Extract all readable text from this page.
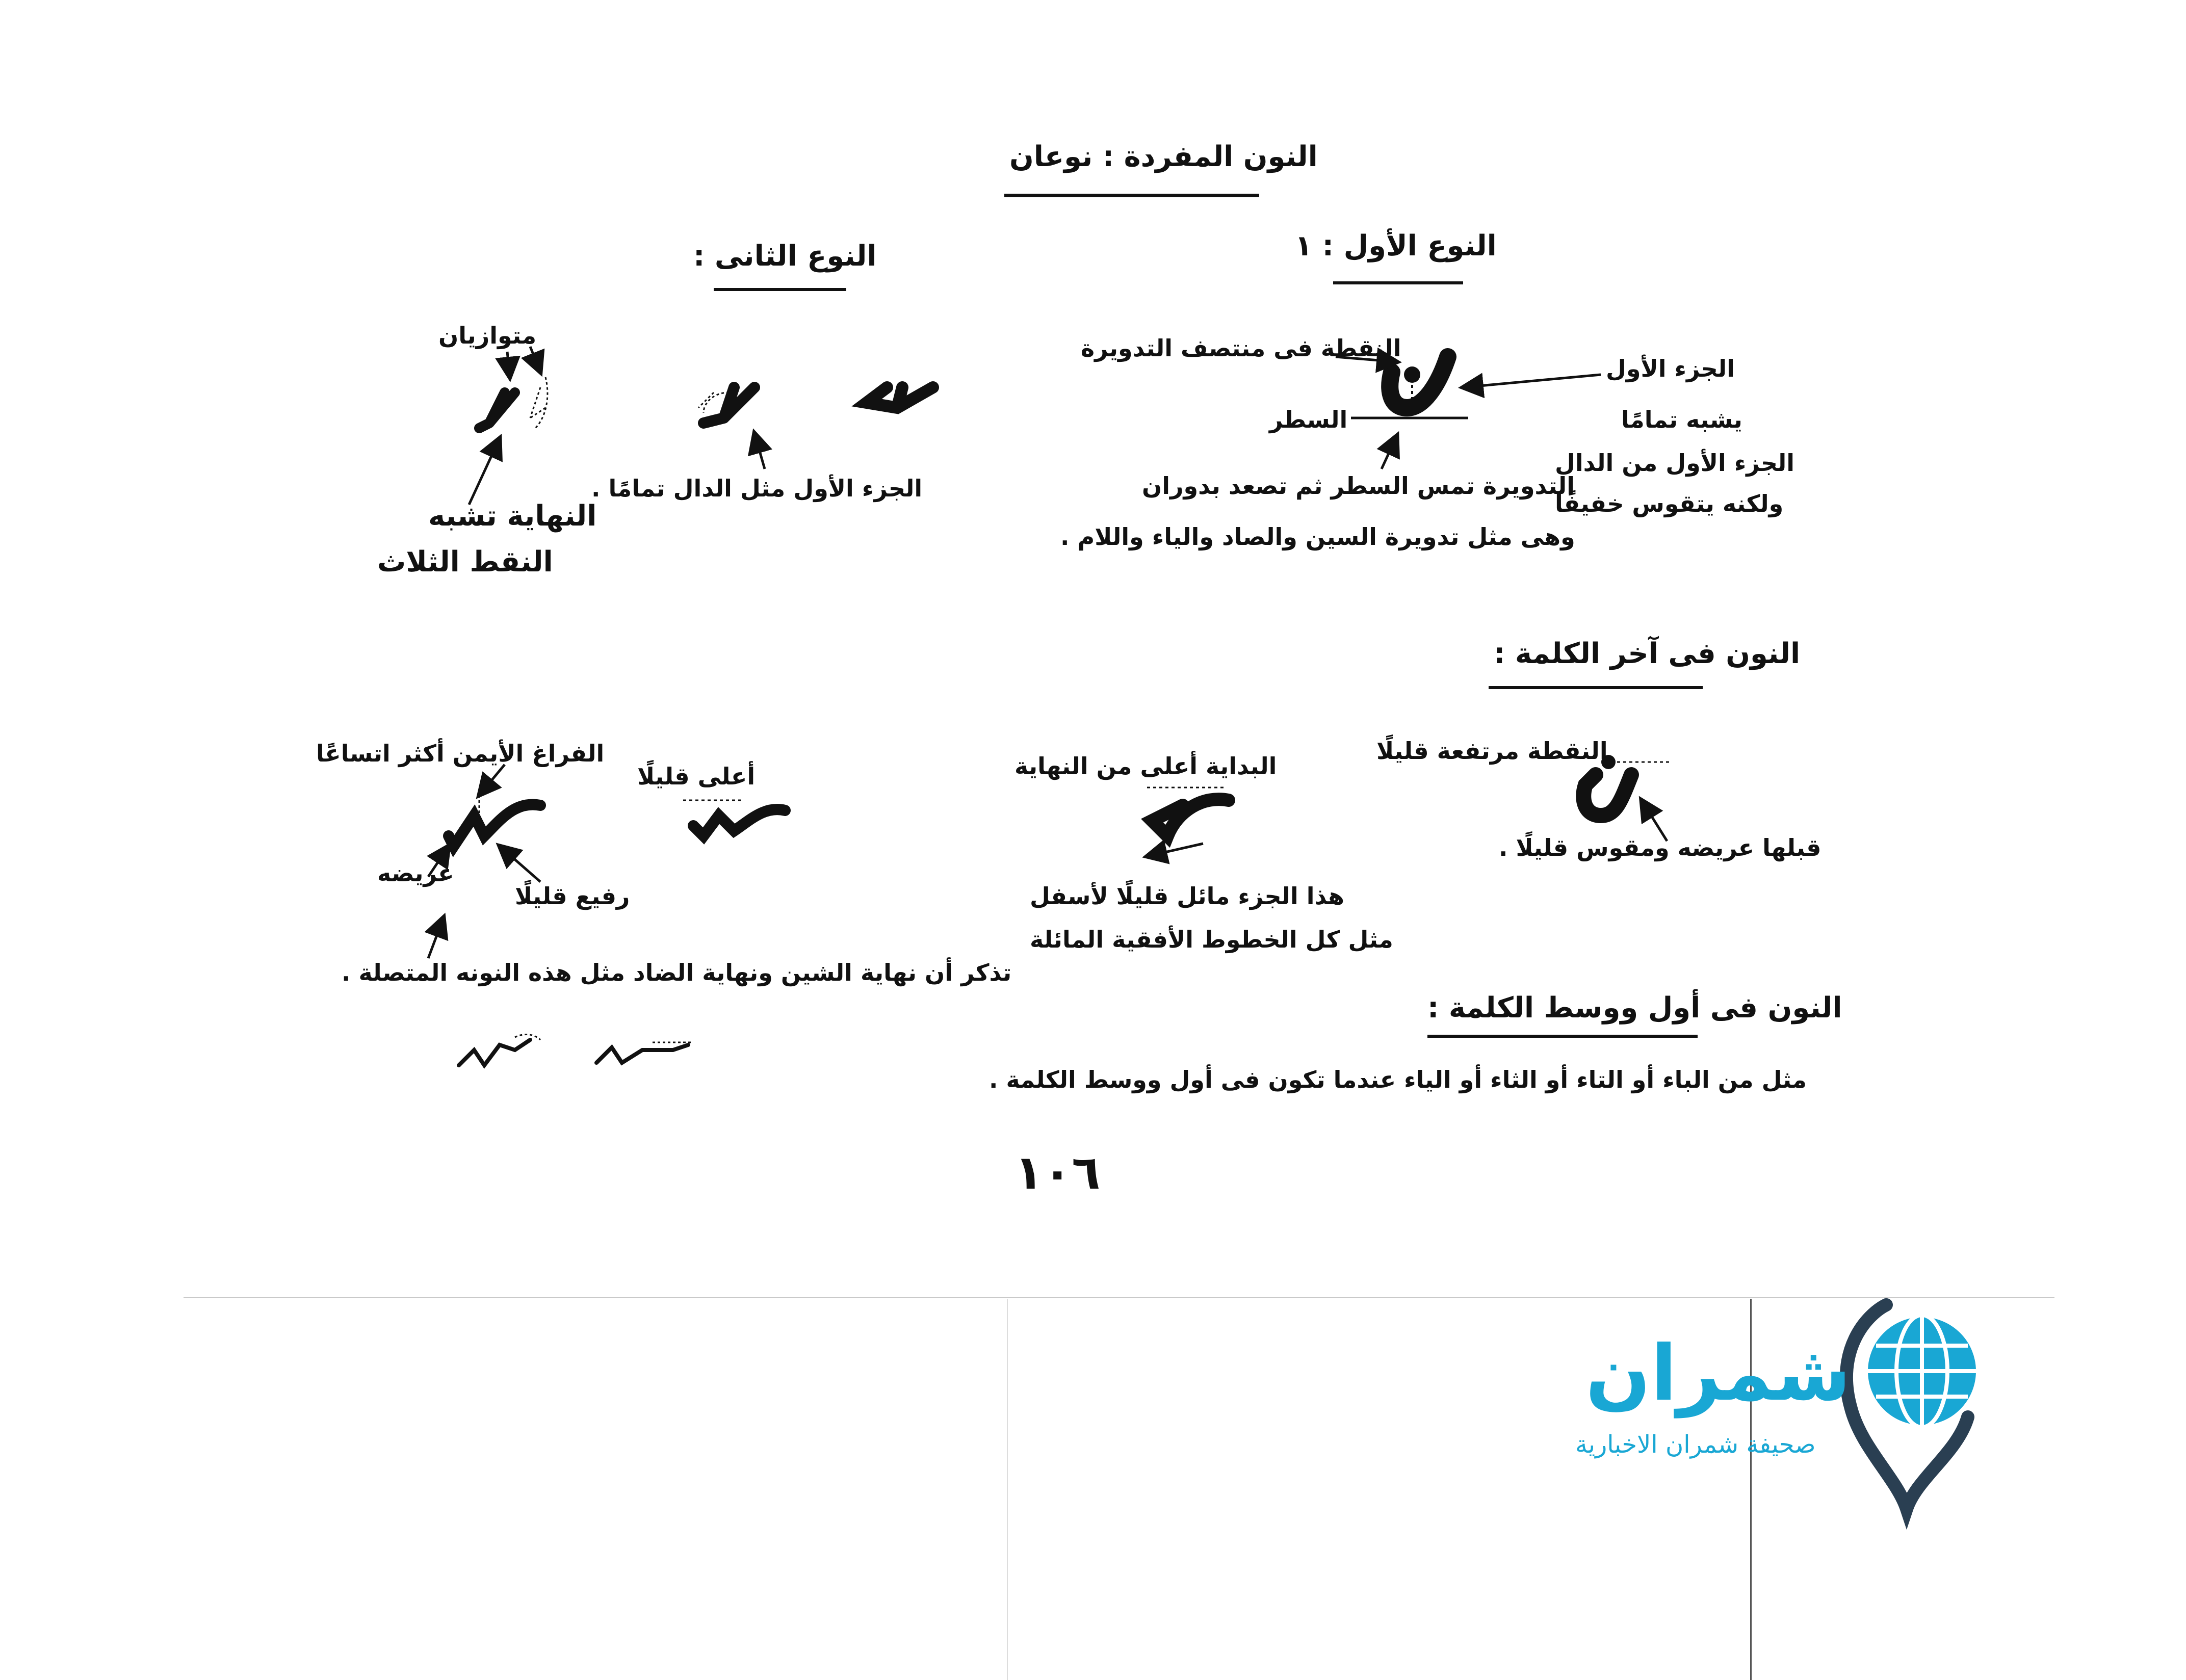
النون المفردة : نوعان
النوع الأول : ١
النقطة فى منتصف التدويرة
الجزء الأول
السطر	يشبه تمامًا
الجزء الأول من الدال
ولكنه يتقوس خفيفًا
التدويرة تمس السطر ثم تصعد بدوران
وهى مثل تدويرة السين والصاد والياء واللام .
النوع الثانى :
متوازيان
الجزء الأول مثل الدال تمامًا .
النهاية تشبه
النقط الثلاث
النون فى آخر الكلمة :
النقطة مرتفعة قليلًا
قبلها عريضه ومقوس قليلًا .
البداية أعلى من النهاية
هذا الجزء مائل قليلًا لأسفل
مثل كل الخطوط الأفقية المائلة
أعلى قليلًا
الفراغ الأيمن أكثر اتساعًا
عريضه
رفيع قليلًا
تذكر أن نهاية الشين ونهاية الضاد مثل هذه النونه المتصلة .
النون فى أول ووسط الكلمة :
مثل من الباء أو التاء أو الثاء أو الياء عندما تكون فى أول ووسط الكلمة .
١٠٦
شمران
صحيفة شمران الاخبارية
